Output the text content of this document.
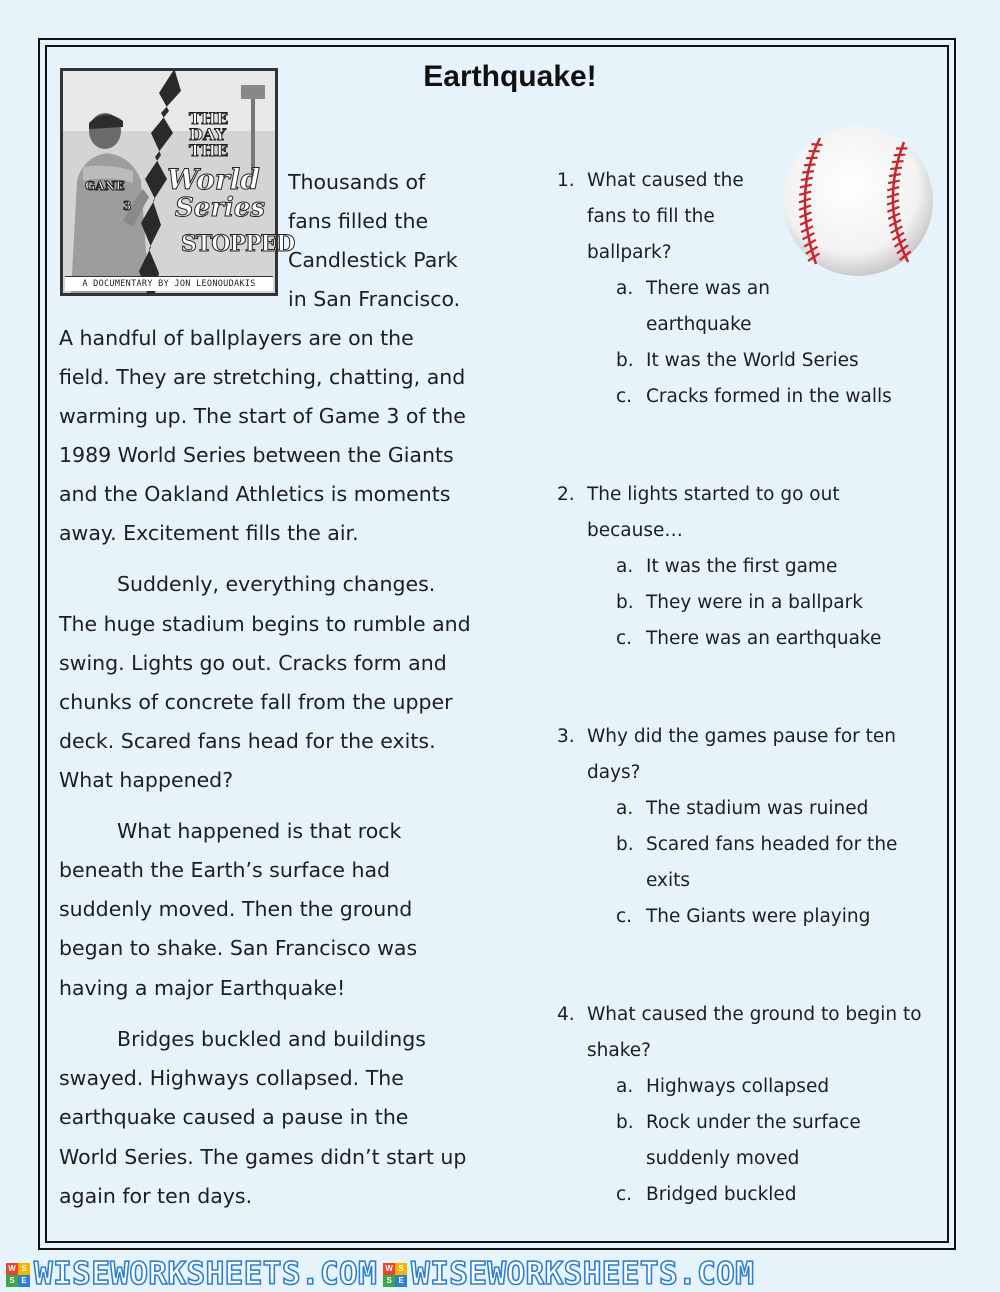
Earthquake!
THE
DAY
THE
World
Series
STOPPED
GANE
3
A DOCUMENTARY BY JON LEONOUDAKIS
Thousands of
fans filled the
Candlestick Park
in San Francisco.
A handful of ballplayers are on the
field. They are stretching, chatting, and
warming up. The start of Game 3 of the
1989 World Series between the Giants
and the Oakland Athletics is moments
away. Excitement fills the air.
Suddenly, everything changes.
The huge stadium begins to rumble and
swing. Lights go out. Cracks form and
chunks of concrete fall from the upper
deck. Scared fans head for the exits.
What happened?
What happened is that rock
beneath the Earth’s surface had
suddenly moved. Then the ground
began to shake. San Francisco was
having a major Earthquake!
Bridges buckled and buildings
swayed. Highways collapsed. The
earthquake caused a pause in the
World Series. The games didn’t start up
again for ten days.
1. What caused the
fans to fill the
ballpark?
a. There was an
earthquake
b. It was the World Series
c. Cracks formed in the walls
2. The lights started to go out
because…
a. It was the first game
b. They were in a ballpark
c. There was an earthquake
3. Why did the games pause for ten
days?
a. The stadium was ruined
b. Scared fans headed for the
exits
c. The Giants were playing
4. What caused the ground to begin to
shake?
a. Highways collapsed
b. Rock under the surface
suddenly moved
c. Bridged buckled
W S
S E WISEWORKSHEETS.COM W S
S E WISEWORKSHEETS.COM
